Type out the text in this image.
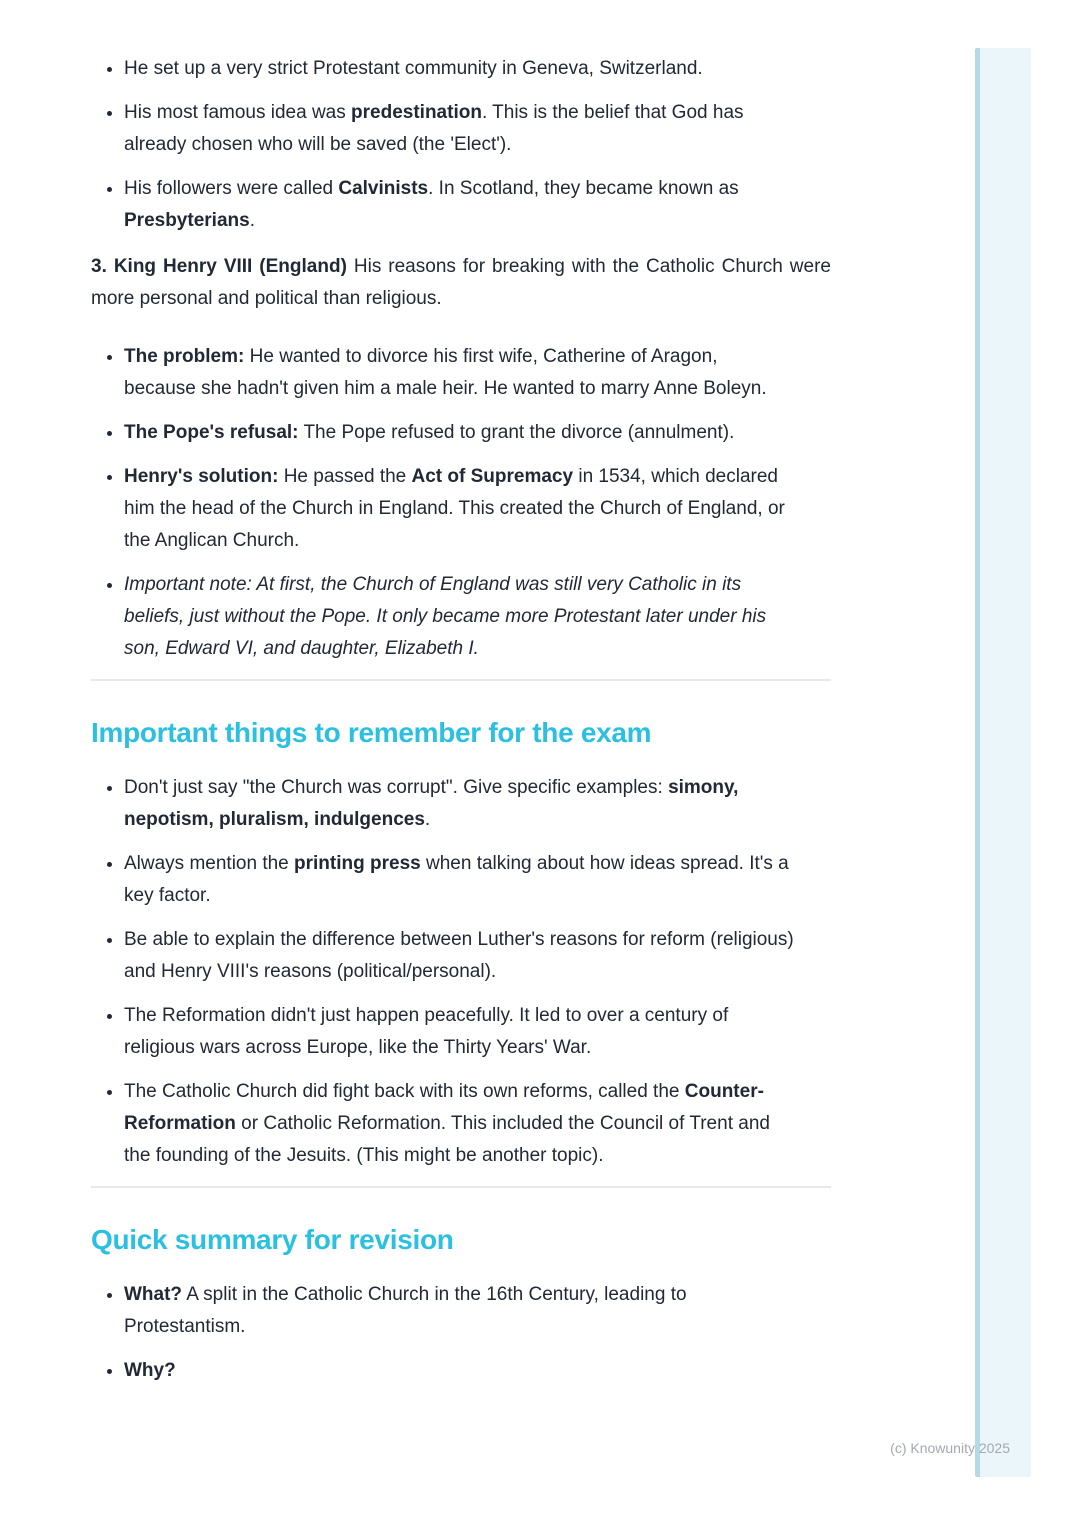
• He set up a very strict Protestant community in Geneva, Switzerland.
• His most famous idea was predestination. This is the belief that God has already chosen who will be saved (the 'Elect').
• His followers were called Calvinists. In Scotland, they became known as Presbyterians.

3. King Henry VIII (England) His reasons for breaking with the Catholic Church were more personal and political than religious.

• The problem: He wanted to divorce his first wife, Catherine of Aragon, because she hadn't given him a male heir. He wanted to marry Anne Boleyn.
• The Pope's refusal: The Pope refused to grant the divorce (annulment).
• Henry's solution: He passed the Act of Supremacy in 1534, which declared him the head of the Church in England. This created the Church of England, or the Anglican Church.
• Important note: At first, the Church of England was still very Catholic in its beliefs, just without the Pope. It only became more Protestant later under his son, Edward VI, and daughter, Elizabeth I.
Important things to remember for the exam
• Don't just say "the Church was corrupt". Give specific examples: simony, nepotism, pluralism, indulgences.
• Always mention the printing press when talking about how ideas spread. It's a key factor.
• Be able to explain the difference between Luther's reasons for reform (religious) and Henry VIII's reasons (political/personal).
• The Reformation didn't just happen peacefully. It led to over a century of religious wars across Europe, like the Thirty Years' War.
• The Catholic Church did fight back with its own reforms, called the Counter-Reformation or Catholic Reformation. This included the Council of Trent and the founding of the Jesuits. (This might be another topic).
Quick summary for revision
• What? A split in the Catholic Church in the 16th Century, leading to Protestantism.
• Why?
(c) Knowunity 2025
